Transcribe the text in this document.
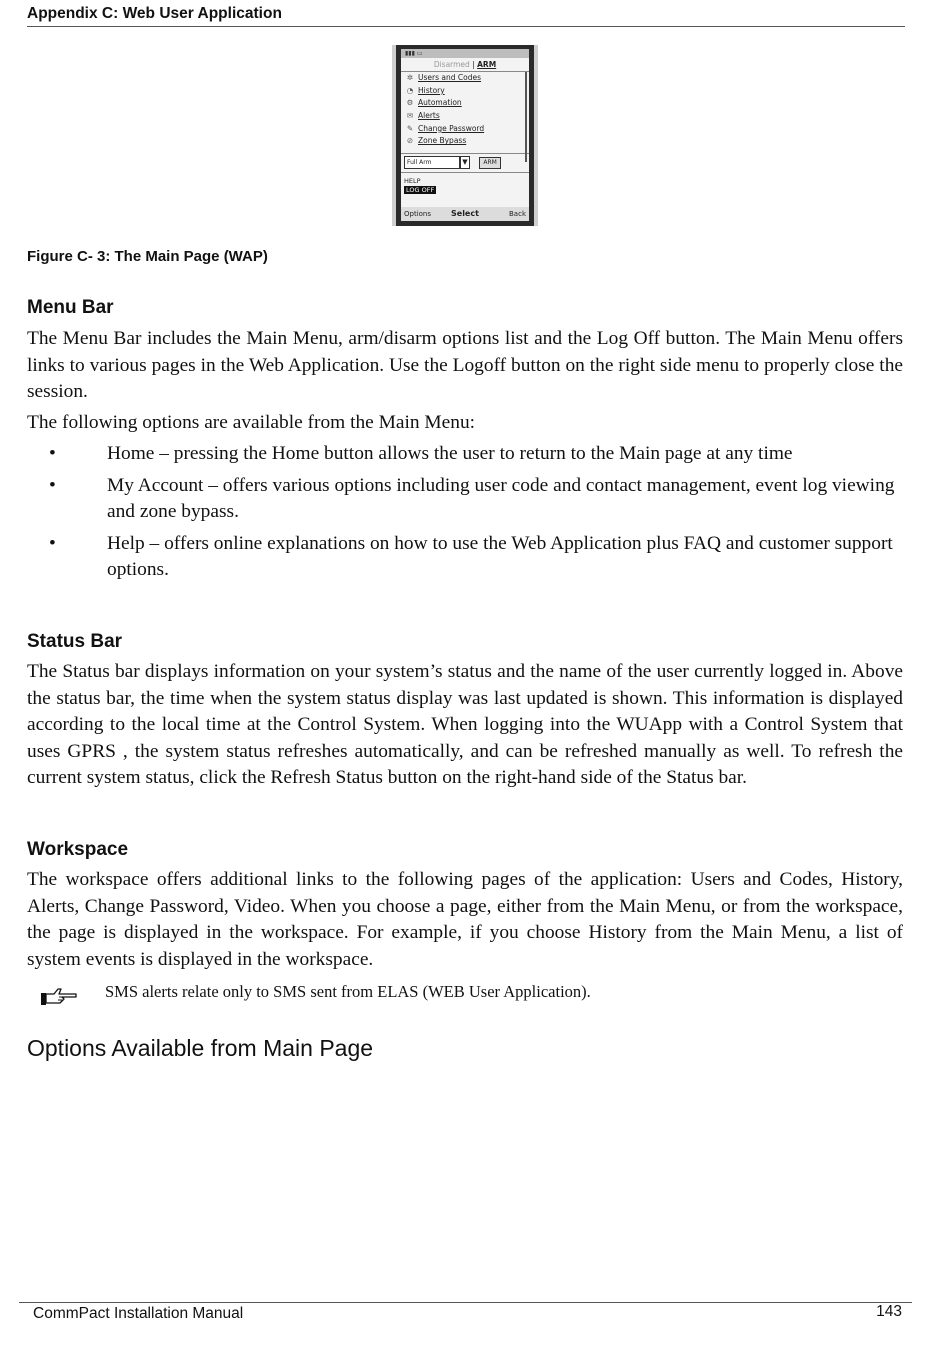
Appendix C: Web User Application
▮▮▮ ▭
Disarmed | ARM
✲ Users and Codes
◔ History
⚙ Automation
✉ Alerts
✎ Change Password
⊘ Zone Bypass
Full Arm	▼	ARM
HELP
LOG OFF
Options Select	Back
Figure C- 3: The Main Page (WAP)
Menu Bar

The Menu Bar includes the Main Menu, arm/disarm options list and the Log Off button. The Main Menu offers links to various pages in the Web Application. Use the Logoff button on the right side menu to properly close the session.

The following options are available from the Main Menu:

•	Home – pressing the Home button allows the user to return to the Main page at any time
•	My Account – offers various options including user code and contact management, event log viewing and zone bypass.
•	Help – offers online explanations on how to use the Web Application plus FAQ and customer support options.
Status Bar

The Status bar displays information on your system’s status and the name of the user currently logged in. Above the status bar, the time when the system status display was last updated is shown. This information is displayed according to the local time at the Control System. When logging into the WUApp with a Control System that uses GPRS , the system status refreshes automatically, and can be refreshed manually as well. To refresh the current system status, click the Refresh Status button on the right-hand side of the Status bar.

Workspace

The workspace offers additional links to the following pages of the application: Users and Codes, History, Alerts, Change Password, Video. When you choose a page, either from the Main Menu, or from the workspace, the page is displayed in the workspace. For example, if you choose History from the Main Menu, a list of system events is displayed in the workspace.

SMS alerts relate only to SMS sent from ELAS (WEB User Application).
Options Available from Main Page
CommPact Installation Manual	143
